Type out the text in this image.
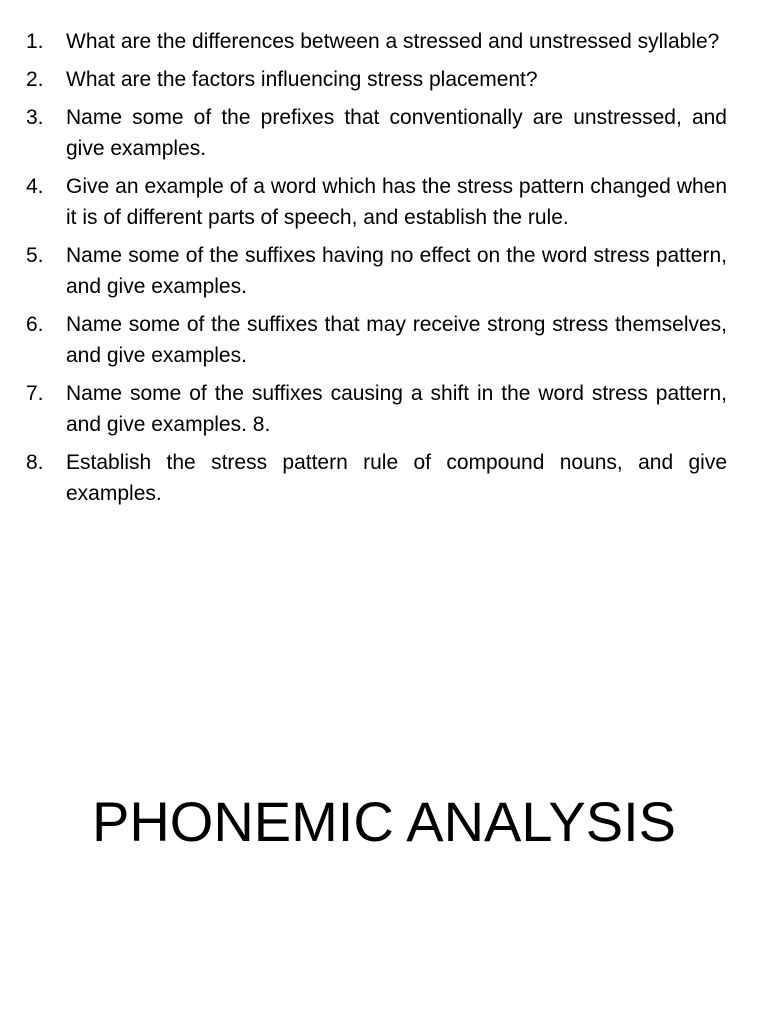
1.	What are the differences between a stressed and unstressed syllable?
2.	What are the factors influencing stress placement?
3.	Name some of the prefixes that conventionally are unstressed, and give examples.
4.	Give an example of a word which has the stress pattern changed when it is of different parts of speech, and establish the rule.
5.	Name some of the suffixes having no effect on the word stress pattern, and give examples.
6.	Name some of the suffixes that may receive strong stress themselves, and give examples.
7.	Name some of the suffixes causing a shift in the word stress pattern, and give examples. 8.
8.	Establish the stress pattern rule of compound nouns, and give examples.
PHONEMIC ANALYSIS
